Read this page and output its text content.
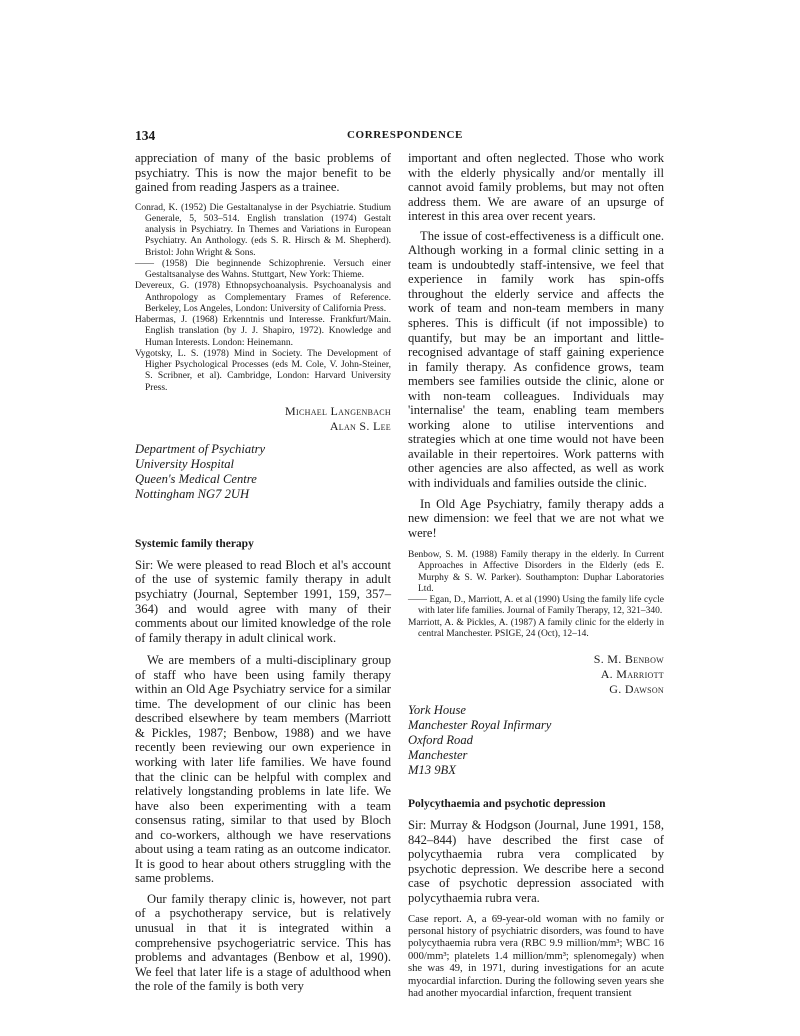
134	CORRESPONDENCE

appreciation of many of the basic problems of psychiatry. This is now the major benefit to be gained from reading Jaspers as a trainee.

Conrad, K. (1952) Die Gestaltanalyse in der Psychiatrie. Studium Generale, 5, 503–514. English translation (1974) Gestalt analysis in Psychiatry. In Themes and Variations in European Psychiatry. An Anthology. (eds S. R. Hirsch & M. Shepherd). Bristol: John Wright & Sons.

—— (1958) Die beginnende Schizophrenie. Versuch einer Gestaltsanalyse des Wahns. Stuttgart, New York: Thieme.

Devereux, G. (1978) Ethnopsychoanalysis. Psychoanalysis and Anthropology as Complementary Frames of Reference. Berkeley, Los Angeles, London: University of California Press.

Habermas, J. (1968) Erkenntnis und Interesse. Frankfurt/Main. English translation (by J. J. Shapiro, 1972). Knowledge and Human Interests. London: Heinemann.

Vygotsky, L. S. (1978) Mind in Society. The Development of Higher Psychological Processes (eds M. Cole, V. John-Steiner, S. Scribner, et al). Cambridge, London: Harvard University Press.

Michael Langenbach
Alan S. Lee
Department of Psychiatry
University Hospital
Queen's Medical Centre
Nottingham NG7 2UH
Systemic family therapy

Sir: We were pleased to read Bloch et al's account of the use of systemic family therapy in adult psychiatry (Journal, September 1991, 159, 357–364) and would agree with many of their comments about our limited knowledge of the role of family therapy in adult clinical work.

We are members of a multi-disciplinary group of staff who have been using family therapy within an Old Age Psychiatry service for a similar time. The development of our clinic has been described elsewhere by team members (Marriott & Pickles, 1987; Benbow, 1988) and we have recently been reviewing our own experience in working with later life families. We have found that the clinic can be helpful with complex and relatively longstanding problems in late life. We have also been experimenting with a team consensus rating, similar to that used by Bloch and co-workers, although we have reservations about using a team rating as an outcome indicator. It is good to hear about others struggling with the same problems.

Our family therapy clinic is, however, not part of a psychotherapy service, but is relatively unusual in that it is integrated within a comprehensive psychogeriatric service. This has problems and advantages (Benbow et al, 1990). We feel that later life is a stage of adulthood when the role of the family is both very

important and often neglected. Those who work with the elderly physically and/or mentally ill cannot avoid family problems, but may not often address them. We are aware of an upsurge of interest in this area over recent years.

The issue of cost-effectiveness is a difficult one. Although working in a formal clinic setting in a team is undoubtedly staff-intensive, we feel that experience in family work has spin-offs throughout the elderly service and affects the work of team and non-team members in many spheres. This is difficult (if not impossible) to quantify, but may be an important and little-recognised advantage of staff gaining experience in family therapy. As confidence grows, team members see families outside the clinic, alone or with non-team colleagues. Individuals may 'internalise' the team, enabling team members working alone to utilise interventions and strategies which at one time would not have been available in their repertoires. Work patterns with other agencies are also affected, as well as work with individuals and families outside the clinic.

In Old Age Psychiatry, family therapy adds a new dimension: we feel that we are not what we were!

Benbow, S. M. (1988) Family therapy in the elderly. In Current Approaches in Affective Disorders in the Elderly (eds E. Murphy & S. W. Parker). Southampton: Duphar Laboratories Ltd.

—— Egan, D., Marriott, A. et al (1990) Using the family life cycle with later life families. Journal of Family Therapy, 12, 321–340.

Marriott, A. & Pickles, A. (1987) A family clinic for the elderly in central Manchester. PSIGE, 24 (Oct), 12–14.

S. M. Benbow
A. Marriott
G. Dawson
York House
Manchester Royal Infirmary
Oxford Road
Manchester
M13 9BX
Polycythaemia and psychotic depression

Sir: Murray & Hodgson (Journal, June 1991, 158, 842–844) have described the first case of polycythaemia rubra vera complicated by psychotic depression. We describe here a second case of psychotic depression associated with polycythaemia rubra vera.

Case report. A, a 69-year-old woman with no family or personal history of psychiatric disorders, was found to have polycythaemia rubra vera (RBC 9.9 million/mm³; WBC 16 000/mm³; platelets 1.4 million/mm³; splenomegaly) when she was 49, in 1971, during investigations for an acute myocardial infarction. During the following seven years she had another myocardial infarction, frequent transient
